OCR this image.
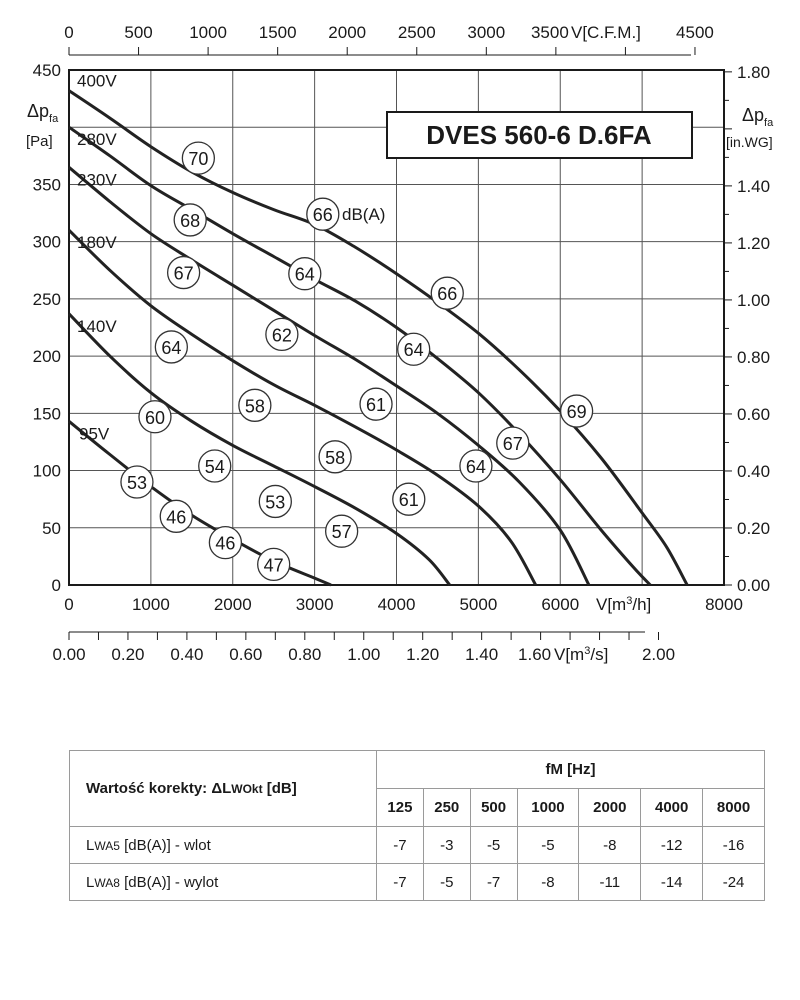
0	500 1000 1500 2000 2500 3000 3500	4500
0
50
100
150
200
250
300
350
450
0.00
0.20
0.40
0.60
0.80
1.00
1.20
1.40
1.80
0	1000	2000	3000	4000	5000	6000	8000
0.00 0.20 0.40 0.60 0.80 1.00 1.20 1.40 1.60	2.00
V[C.F.M.]
$V[m^3/h]$
$V[m^3/s]$
$\Delta p_{fa}$
[Pa]
$\Delta p_{fa}$
[in.WG]
400V
280V
230V
180V
140V
95V
70
66
66
69
68
64
64
67
67
62
61
64
64
58
58
61
60
54
53
57
53
46
46
47
dB(A)
DVES 560-6 D.6FA
Wartość korekty: ΔLWOkt [dB]	fM [Hz]						
	125	250	500	1000	2000	4000	8000
LWA5 [dB(A)] - wlot	-7	-3	-5	-5	-8	-12	-16
LWA8 [dB(A)] - wylot	-7	-5	-7	-8	-11	-14	-24
